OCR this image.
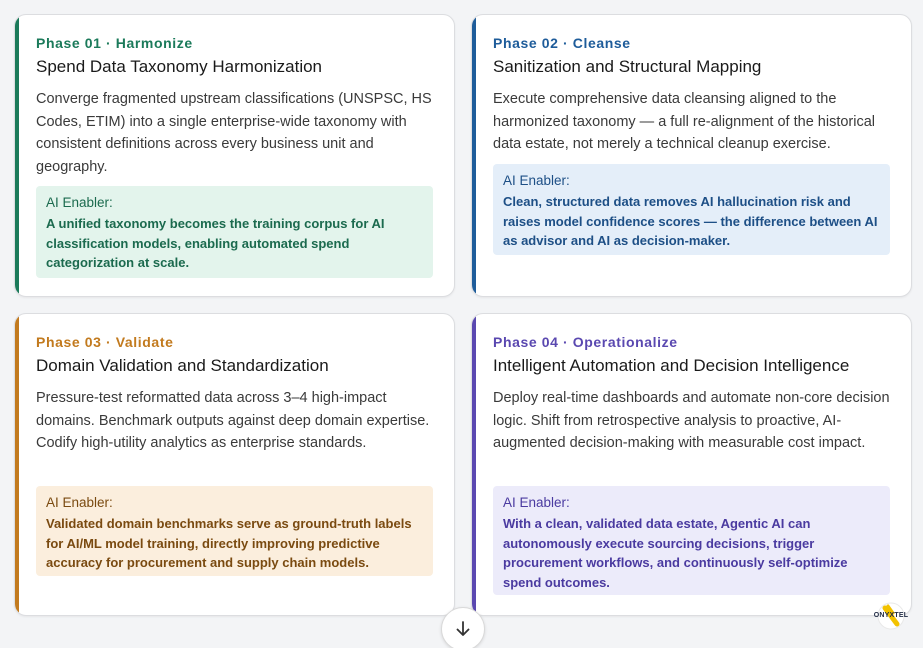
Phase 01 · Harmonize
Spend Data Taxonomy Harmonization
Converge fragmented upstream classifications (UNSPSC, HS Codes, ETIM) into a single enterprise-wide taxonomy with consistent definitions across every business unit and geography.
AI Enabler:
A unified taxonomy becomes the training corpus for AI classification models, enabling automated spend categorization at scale.
Phase 02 · Cleanse
Sanitization and Structural Mapping
Execute comprehensive data cleansing aligned to the harmonized taxonomy — a full re-alignment of the historical data estate, not merely a technical cleanup exercise.
AI Enabler:
Clean, structured data removes AI hallucination risk and raises model confidence scores — the difference between AI as advisor and AI as decision-maker.
Phase 03 · Validate
Domain Validation and Standardization
Pressure-test reformatted data across 3–4 high-impact domains. Benchmark outputs against deep domain expertise. Codify high-utility analytics as enterprise standards.
AI Enabler:
Validated domain benchmarks serve as ground-truth labels for AI/ML model training, directly improving predictive accuracy for procurement and supply chain models.
Phase 04 · Operationalize
Intelligent Automation and Decision Intelligence
Deploy real-time dashboards and automate non-core decision logic. Shift from retrospective analysis to proactive, AI-augmented decision-making with measurable cost impact.
AI Enabler:
With a clean, validated data estate, Agentic AI can autonomously execute sourcing decisions, trigger procurement workflows, and continuously self-optimize spend outcomes.
ONYXTEL
